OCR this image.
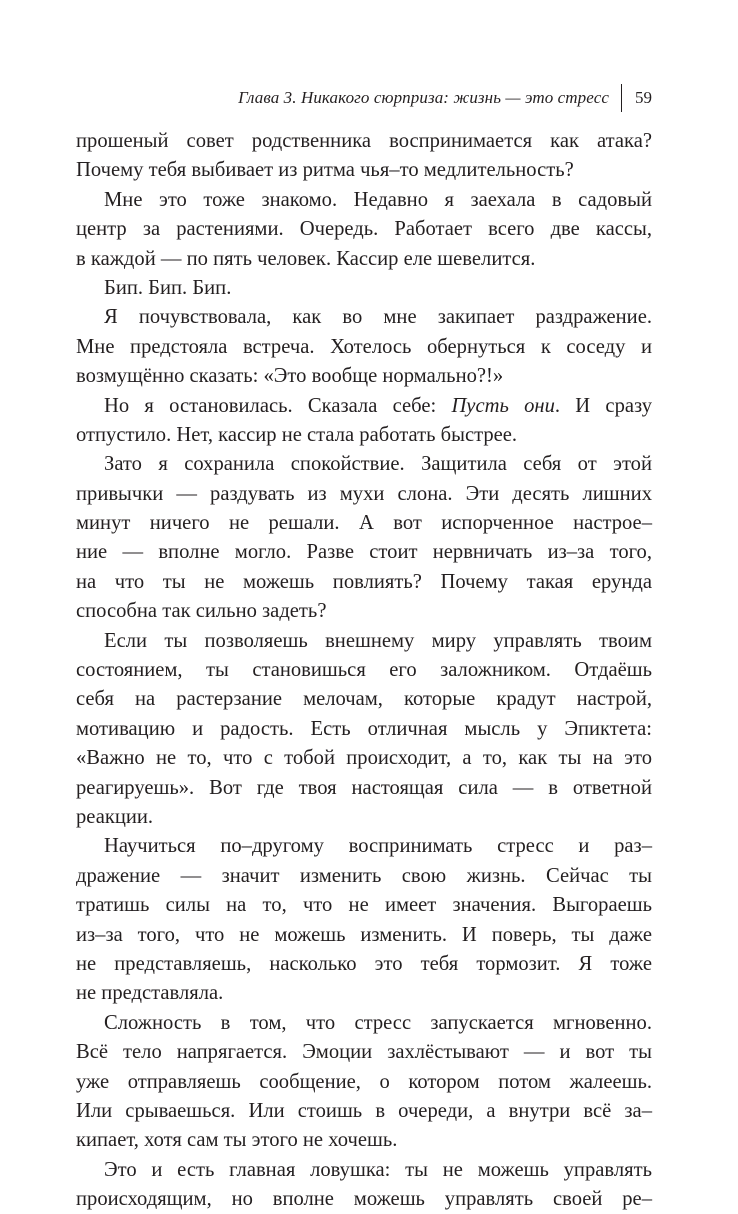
Глава 3. Никакого сюрприза: жизнь — это стресс 59
прошеный совет родственника воспринимается как атака?
Почему тебя выбивает из ритма чья–то медлительность?
Мне это тоже знакомо. Недавно я заехала в садовый
центр за растениями. Очередь. Работает всего две кассы,
в каждой — по пять человек. Кассир еле шевелится.
Бип. Бип. Бип.
Я почувствовала, как во мне закипает раздражение.
Мне предстояла встреча. Хотелось обернуться к соседу и
возмущённо сказать: «Это вообще нормально?!»
Но я остановилась. Сказала себе: Пусть они. И сразу
отпустило. Нет, кассир не стала работать быстрее.
Зато я сохранила спокойствие. Защитила себя от этой
привычки — раздувать из мухи слона. Эти десять лишних
минут ничего не решали. А вот испорченное настрое–
ние — вполне могло. Разве стоит нервничать из–за того,
на что ты не можешь повлиять? Почему такая ерунда
способна так сильно задеть?
Если ты позволяешь внешнему миру управлять твоим
состоянием, ты становишься его заложником. Отдаёшь
себя на растерзание мелочам, которые крадут настрой,
мотивацию и радость. Есть отличная мысль у Эпиктета:
«Важно не то, что с тобой происходит, а то, как ты на это
реагируешь». Вот где твоя настоящая сила — в ответной
реакции.
Научиться по–другому воспринимать стресс и раз–
дражение — значит изменить свою жизнь. Сейчас ты
тратишь силы на то, что не имеет значения. Выгораешь
из–за того, что не можешь изменить. И поверь, ты даже
не представляешь, насколько это тебя тормозит. Я тоже
не представляла.
Сложность в том, что стресс запускается мгновенно.
Всё тело напрягается. Эмоции захлёстывают — и вот ты
уже отправляешь сообщение, о котором потом жалеешь.
Или срываешься. Или стоишь в очереди, а внутри всё за–
кипает, хотя сам ты этого не хочешь.
Это и есть главная ловушка: ты не можешь управлять
происходящим, но вполне можешь управлять своей ре–
